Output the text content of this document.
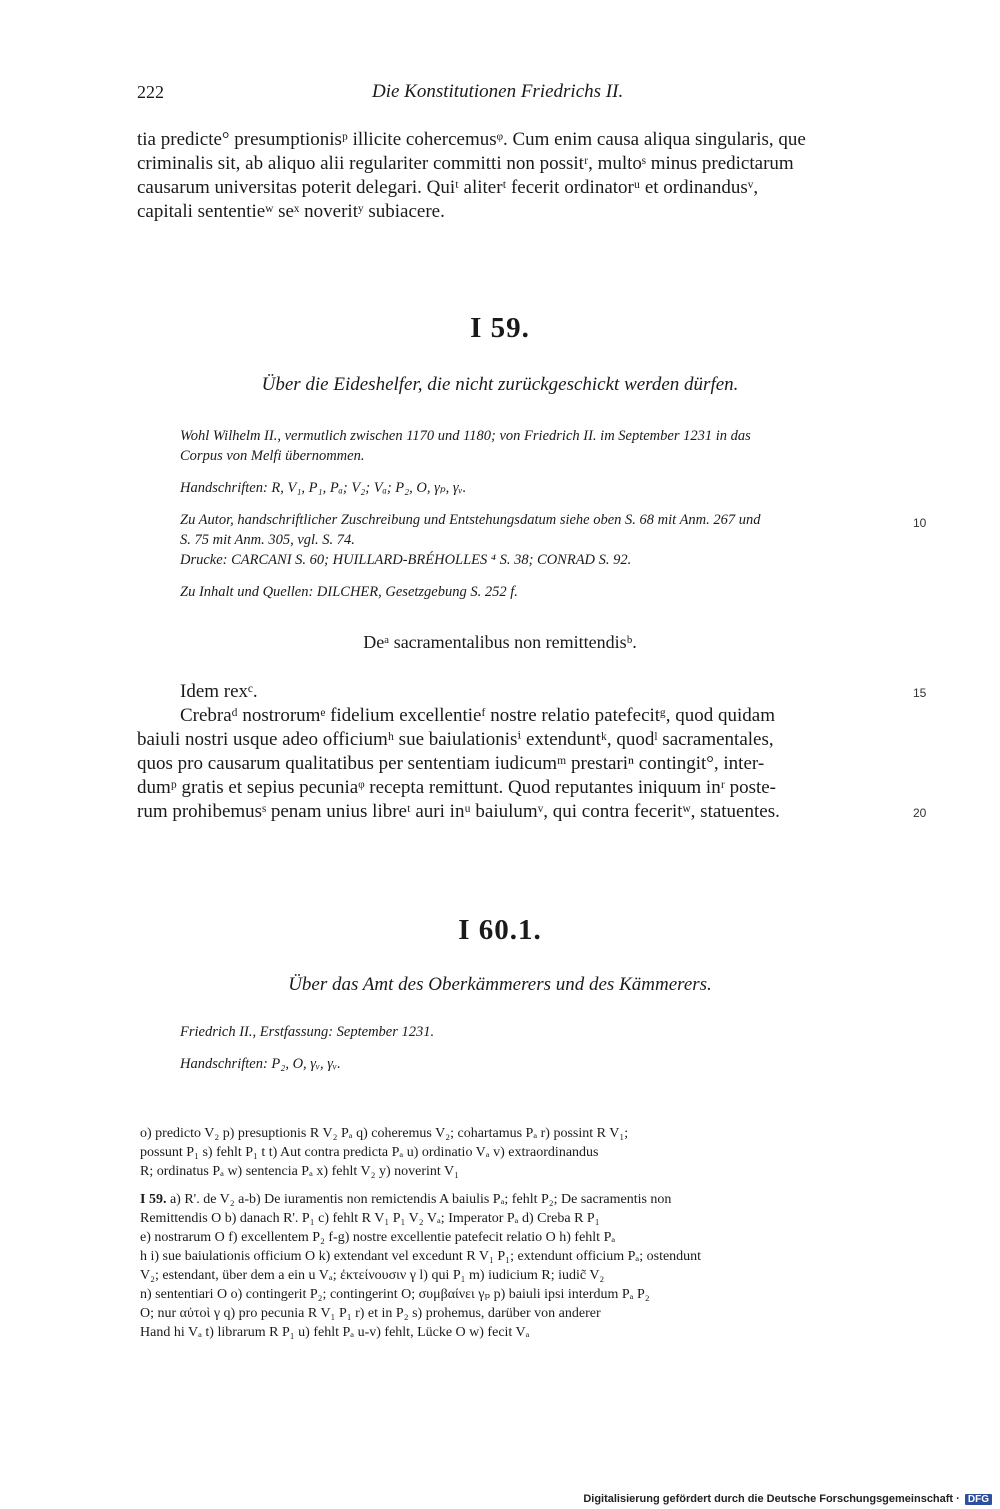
222	Die Konstitutionen Friedrichs II.
tia predicte° presumptionisᵖ illicite cohercemusᵠ. Cum enim causa aliqua singularis, que
criminalis sit, ab aliquo alii regulariter committi non possitʳ, multoˢ minus predictarum
causarum universitas poterit delegari. Quiᵗ aliterᵗ fecerit ordinatorᵘ et ordinandusᵛ,
capitali sententieʷ seˣ noveritʸ subiacere.
I 59.
Über die Eideshelfer, die nicht zurückgeschickt werden dürfen.
Wohl Wilhelm II., vermutlich zwischen 1170 und 1180; von Friedrich II. im September 1231 in das
Corpus von Melfi übernommen.
Handschriften: R, V₁, P₁, Pₐ; V₂; Vₐ; P₂, O, γₚ, γᵥ.
Zu Autor, handschriftlicher Zuschreibung und Entstehungsdatum siehe oben S. 68 mit Anm. 267 und
S. 75 mit Anm. 305, vgl. S. 74.
Drucke: CARCANI S. 60; HUILLARD-BRÉHOLLES ⁴ S. 38; CONRAD S. 92.
Zu Inhalt und Quellen: DILCHER, Gesetzgebung S. 252 f.
10
Deᵃ sacramentalibus non remittendisᵇ.
Idem rexᶜ.	15
Crebraᵈ nostrorumᵉ fidelium excellentieᶠ nostre relatio patefecitᵍ, quod quidam
baiuli nostri usque adeo officiumʰ sue baiulationisⁱ extenduntᵏ, quodˡ sacramentales,
quos pro causarum qualitatibus per sententiam iudicumᵐ prestariⁿ contingit°, inter-
dumᵖ gratis et sepius pecuniaᵠ recepta remittunt. Quod reputantes iniquum inʳ poste-
rum prohibemusˢ penam unius libreᵗ auri inᵘ baiulumᵛ, qui contra feceritʷ, statuentes.	20
I 60.1.
Über das Amt des Oberkämmerers und des Kämmerers.
Friedrich II., Erstfassung: September 1231.
Handschriften: P₂, O, γᵥ, γᵥ.
o) predicto V₂ p) presuptionis R V₂ Pₐ q) coheremus V₂; cohartamus Pₐ r) possint R V₁;
possunt P₁ s) fehlt P₁ t t) Aut contra predicta Pₐ u) ordinatio Vₐ v) extraordinandus
R; ordinatus Pₐ w) sentencia Pₐ x) fehlt V₂ y) noverint V₁
I 59. a) R'. de V₂ a-b) De iuramentis non remictendis A baiulis Pₐ; fehlt P₂; De sacramentis non
Remittendis O b) danach R'. P₁ c) fehlt R V₁ P₁ V₂ Vₐ; Imperator Pₐ d) Creba R P₁
e) nostrarum O f) excellentem P₂ f-g) nostre excellentie patefecit relatio O h) fehlt Pₐ
h i) sue baiulationis officium O k) extendant vel excedunt R V₁ P₁; extendunt officium Pₐ; ostendunt
V₂; estendant, über dem a ein u Vₐ; ἐκτείνουσιν γ l) qui P₁ m) iudicium R; iudic̃ V₂
n) sententiari O o) contingerit P₂; contingerint O; συμβαίνει γₚ p) baiuli ipsi interdum Pₐ P₂
O; nur αὐτοὶ γ q) pro pecunia R V₁ P₁ r) et in P₂ s) prohemus, darüber von anderer
Hand hi Vₐ t) librarum R P₁ u) fehlt Pₐ u-v) fehlt, Lücke O w) fecit Vₐ
Digitalisierung gefördert durch die Deutsche Forschungsgemeinschaft · DFG
